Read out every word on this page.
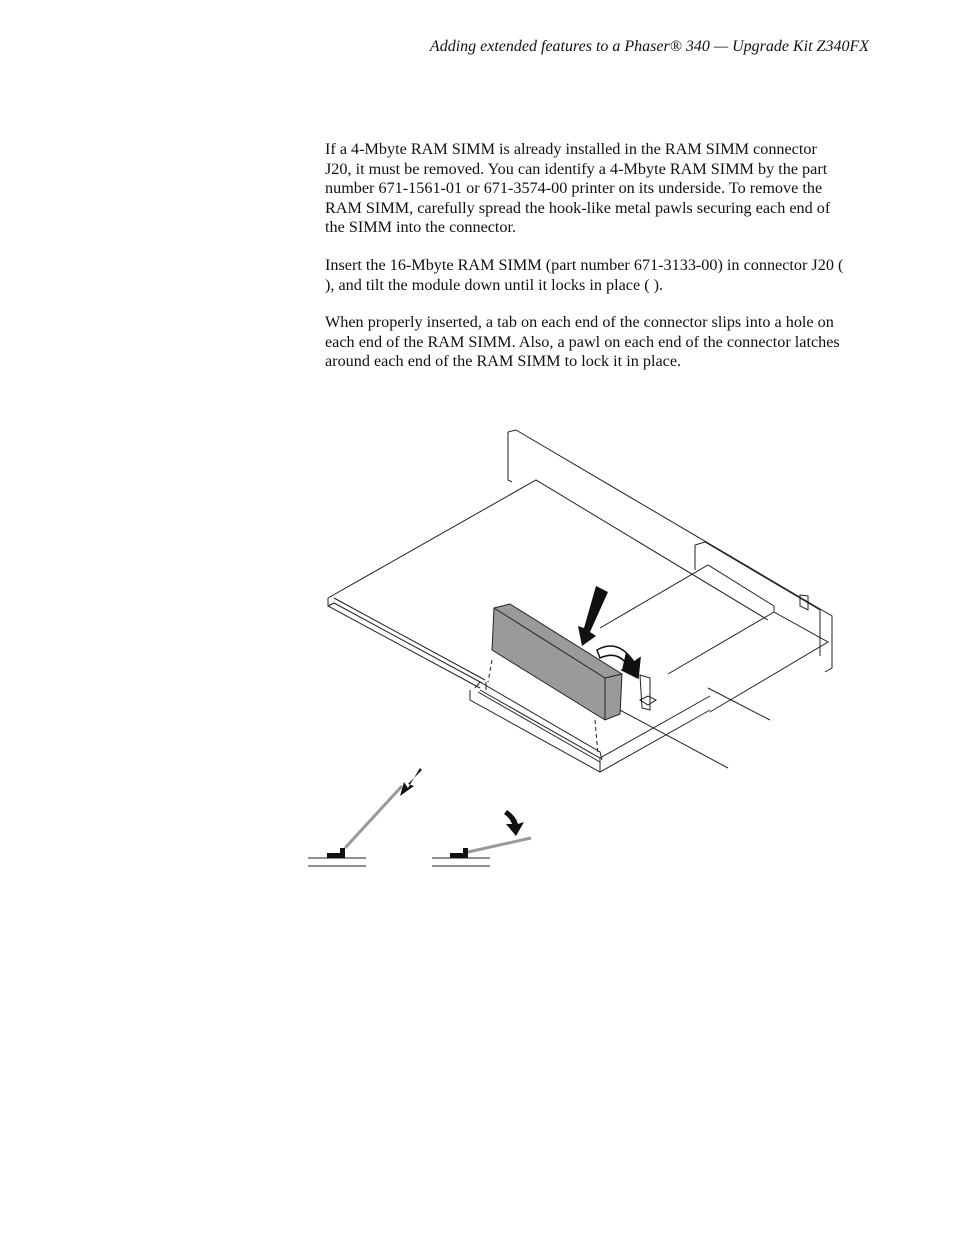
Adding extended features to a Phaser® 340 — Upgrade Kit Z340FX

If a 4-Mbyte RAM SIMM is already installed in the RAM SIMM connector J20, it must be removed. You can identify a 4-Mbyte RAM SIMM by the part number 671-1561-01 or 671-3574-00 printer on its underside. To remove the RAM SIMM, carefully spread the hook-like metal pawls securing each end of the SIMM into the connector.

Insert the 16-Mbyte RAM SIMM (part number 671-3133-00) in connector J20 ( ), and tilt the module down until it locks in place ( ).

When properly inserted, a tab on each end of the connector slips into a hole on each end of the RAM SIMM. Also, a pawl on each end of the connector latches around each end of the RAM SIMM to lock it in place.
